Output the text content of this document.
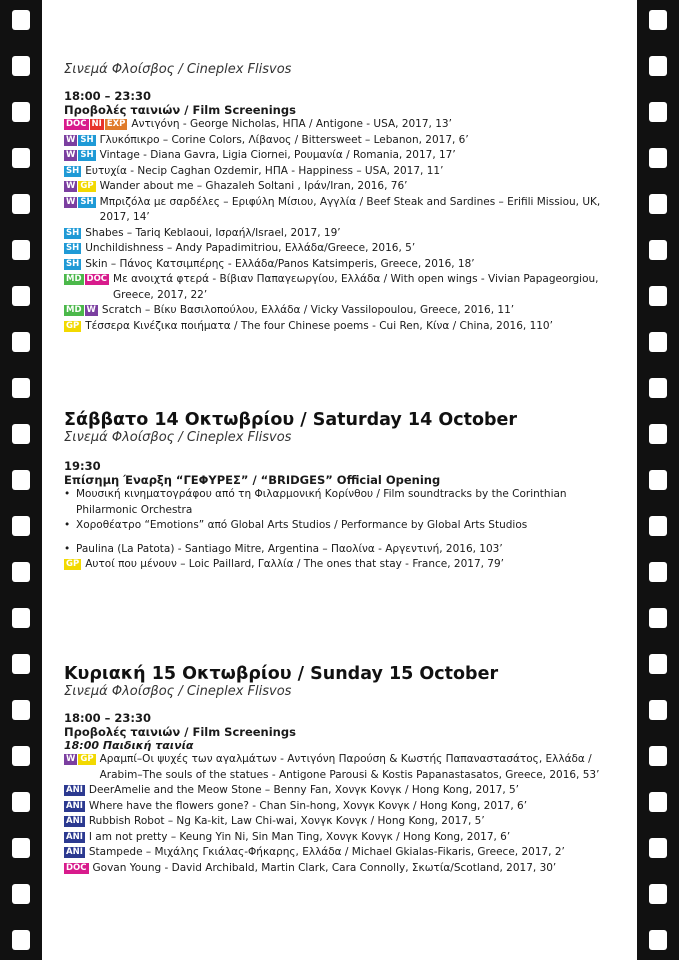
Σινεμά Φλοίσβος / Cineplex Flisvos
18:00 – 23:30
Προβολές ταινιών / Film Screenings
DOC NI EXP Αντιγόνη - George Nicholas, ΗΠΑ / Antigone - USA, 2017, 13’
W SH Γλυκόπικρο – Corine Colors, Λίβανος / Bittersweet – Lebanon, 2017, 6’
W SH Vintage - Diana Gavra, Ligia Ciornei, Ρουμανία / Romania, 2017, 17’
SH Ευτυχία - Necip Caghan Ozdemir, ΗΠΑ - Happiness – USA, 2017, 11’
W GP Wander about me – Ghazaleh Soltani , Ιράν/Iran, 2016, 76’
W SH Μπριζόλα με σαρδέλες – Εριφύλη Μίσιου, Αγγλία / Beef Steak and Sardines – Erifili Missiou, UK, 2017, 14’
SH Shabes – Tariq Keblaoui, Ισραήλ/Israel, 2017, 19’
SH Unchildishness – Andy Papadimitriou, Ελλάδα/Greece, 2016, 5’
SH Skin – Πάνος Κατσιμπέρης - Ελλάδα/Panos Katsimperis, Greece, 2016, 18’
MD DOC Με ανοιχτά φτερά - Βίβιαν Παπαγεωργίου, Ελλάδα / With open wings - Vivian Papageorgiou, Greece, 2017, 22’
MD W Scratch – Βίκυ Βασιλοπούλου, Ελλάδα / Vicky Vassilopoulou, Greece, 2016, 11’
GP Τέσσερα Κινέζικα ποιήματα / The four Chinese poems - Cui Ren, Κίνα / China, 2016, 110’
Σάββατο 14 Οκτωβρίου / Saturday 14 October
Σινεμά Φλοίσβος / Cineplex Flisvos
19:30
Επίσημη Έναρξη “ΓΕΦΥΡΕΣ” / “BRIDGES” Official Opening
• Μουσική κινηματογράφου από τη Φιλαρμονική Κορίνθου / Film soundtracks by the Corinthian Philarmonic Orchestra
• Χοροθέατρο “Emotions” από Global Arts Studios / Performance by Global Arts Studios
• Paulina (La Patota) - Santiago Mitre, Argentina – Παολίνα - Αργεντινή, 2016, 103’
GP Αυτοί που μένουν – Loic Paillard, Γαλλία / The ones that stay - France, 2017, 79’
Κυριακή 15 Οκτωβρίου / Sunday 15 October
Σινεμά Φλοίσβος / Cineplex Flisvos
18:00 – 23:30
Προβολές ταινιών / Film Screenings
18:00 Παιδική ταινία
W GP Αραμπί–Οι ψυχές των αγαλμάτων - Αντιγόνη Παρούση & Κωστής Παπαναστασάτος, Ελλάδα / Arabim–The souls of the statues - Antigone Parousi & Kostis Papanastasatos, Greece, 2016, 53’
ANI DeerAmelie and the Meow Stone – Benny Fan, Χονγκ Κονγκ / Hong Kong, 2017, 5’
ANI Where have the flowers gone? - Chan Sin-hong, Χονγκ Κονγκ / Hong Kong, 2017, 6’
ANI Rubbish Robot – Ng Ka-kit, Law Chi-wai, Χονγκ Κονγκ / Hong Kong, 2017, 5’
ANI I am not pretty – Keung Yin Ni, Sin Man Ting, Χονγκ Κονγκ / Hong Kong, 2017, 6’
ANI Stampede – Μιχάλης Γκιάλας-Φήκαρης, Ελλάδα / Michael Gkialas-Fikaris, Greece, 2017, 2’
DOC Govan Young - David Archibald, Martin Clark, Cara Connolly, Σκωτία/Scotland, 2017, 30’
